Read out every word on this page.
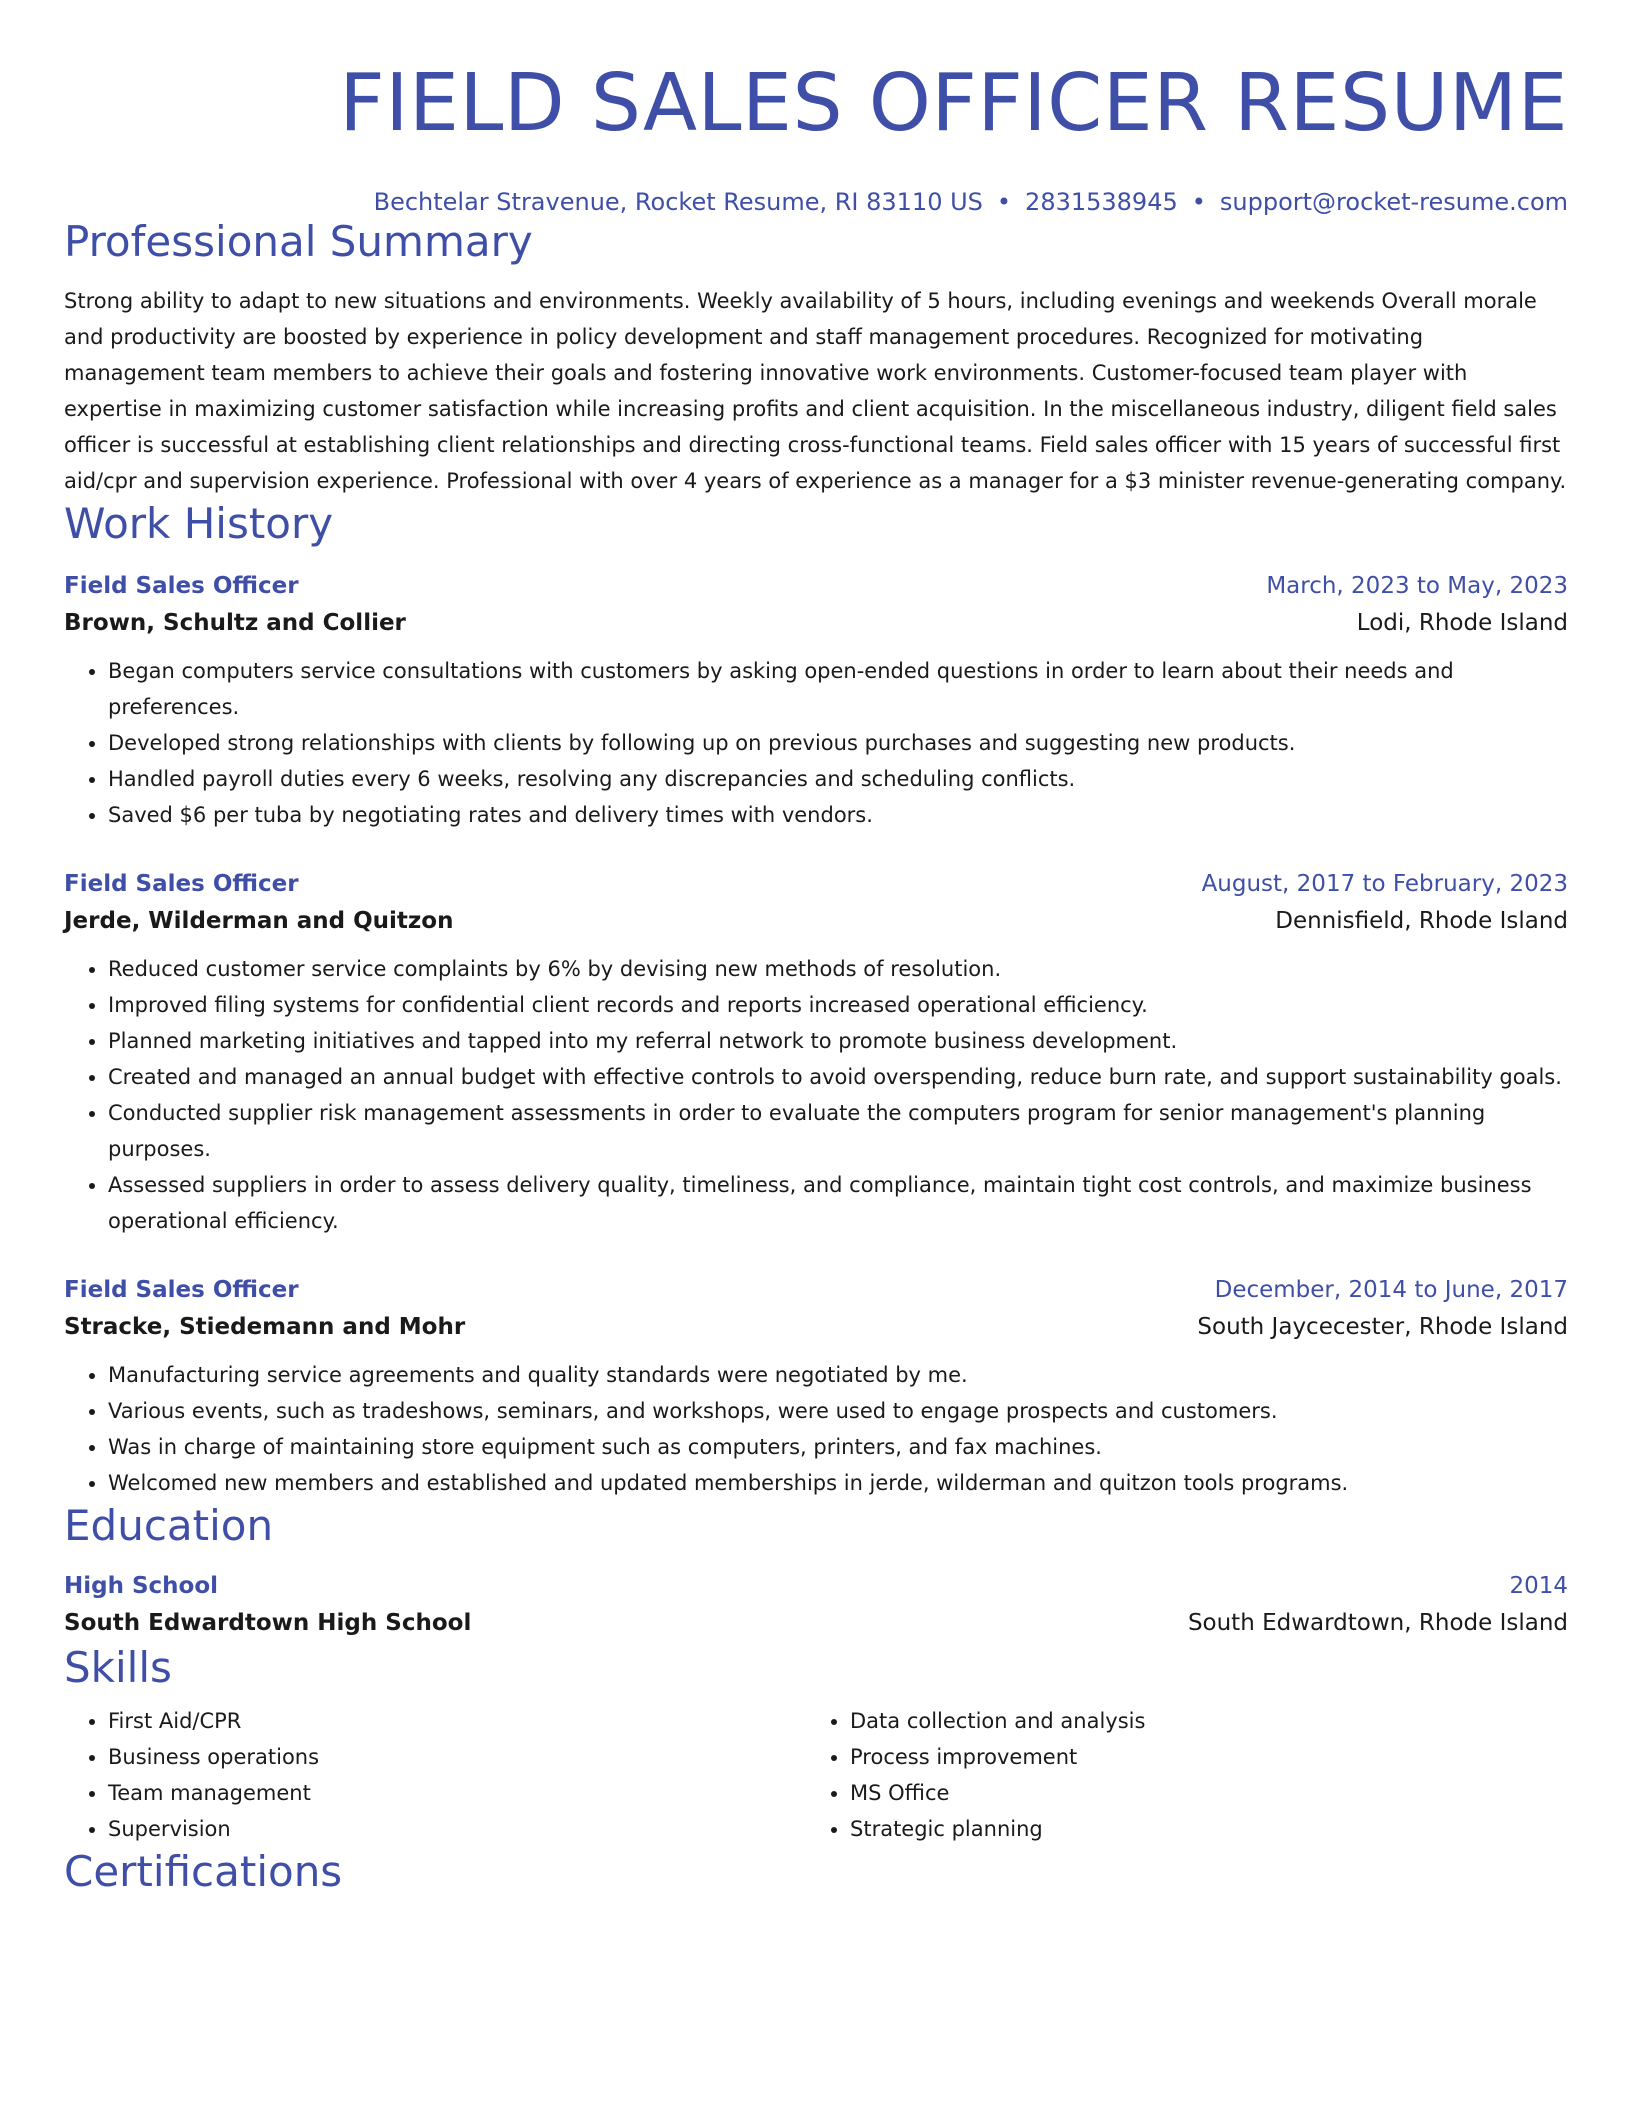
FIELD SALES OFFICER RESUME
Bechtelar Stravenue, Rocket Resume, RI 83110 US • 2831538945 • support@rocket-resume.com
Professional Summary
Strong ability to adapt to new situations and environments. Weekly availability of 5 hours, including evenings and weekends Overall morale and productivity are boosted by experience in policy development and staff management procedures. Recognized for motivating management team members to achieve their goals and fostering innovative work environments. Customer-focused team player with expertise in maximizing customer satisfaction while increasing profits and client acquisition. In the miscellaneous industry, diligent field sales officer is successful at establishing client relationships and directing cross-functional teams. Field sales officer with 15 years of successful first aid/cpr and supervision experience. Professional with over 4 years of experience as a manager for a $3 minister revenue-generating company.
Work History
Field Sales Officer	March, 2023 to May, 2023
Brown, Schultz and Collier	Lodi, Rhode Island
• Began computers service consultations with customers by asking open-ended questions in order to learn about their needs and preferences.
• Developed strong relationships with clients by following up on previous purchases and suggesting new products.
• Handled payroll duties every 6 weeks, resolving any discrepancies and scheduling conflicts.
• Saved $6 per tuba by negotiating rates and delivery times with vendors.
Field Sales Officer	August, 2017 to February, 2023
Jerde, Wilderman and Quitzon	Dennisfield, Rhode Island
• Reduced customer service complaints by 6% by devising new methods of resolution.
• Improved filing systems for confidential client records and reports increased operational efficiency.
• Planned marketing initiatives and tapped into my referral network to promote business development.
• Created and managed an annual budget with effective controls to avoid overspending, reduce burn rate, and support sustainability goals.
• Conducted supplier risk management assessments in order to evaluate the computers program for senior management's planning purposes.
• Assessed suppliers in order to assess delivery quality, timeliness, and compliance, maintain tight cost controls, and maximize business operational efficiency.
Field Sales Officer	December, 2014 to June, 2017
Stracke, Stiedemann and Mohr	South Jaycecester, Rhode Island
• Manufacturing service agreements and quality standards were negotiated by me.
• Various events, such as tradeshows, seminars, and workshops, were used to engage prospects and customers.
• Was in charge of maintaining store equipment such as computers, printers, and fax machines.
• Welcomed new members and established and updated memberships in jerde, wilderman and quitzon tools programs.
Education
High School	2014
South Edwardtown High School	South Edwardtown, Rhode Island
Skills
• First Aid/CPR
• Business operations
• Team management
• Supervision
• Data collection and analysis
• Process improvement
• MS Office
• Strategic planning
Certifications
